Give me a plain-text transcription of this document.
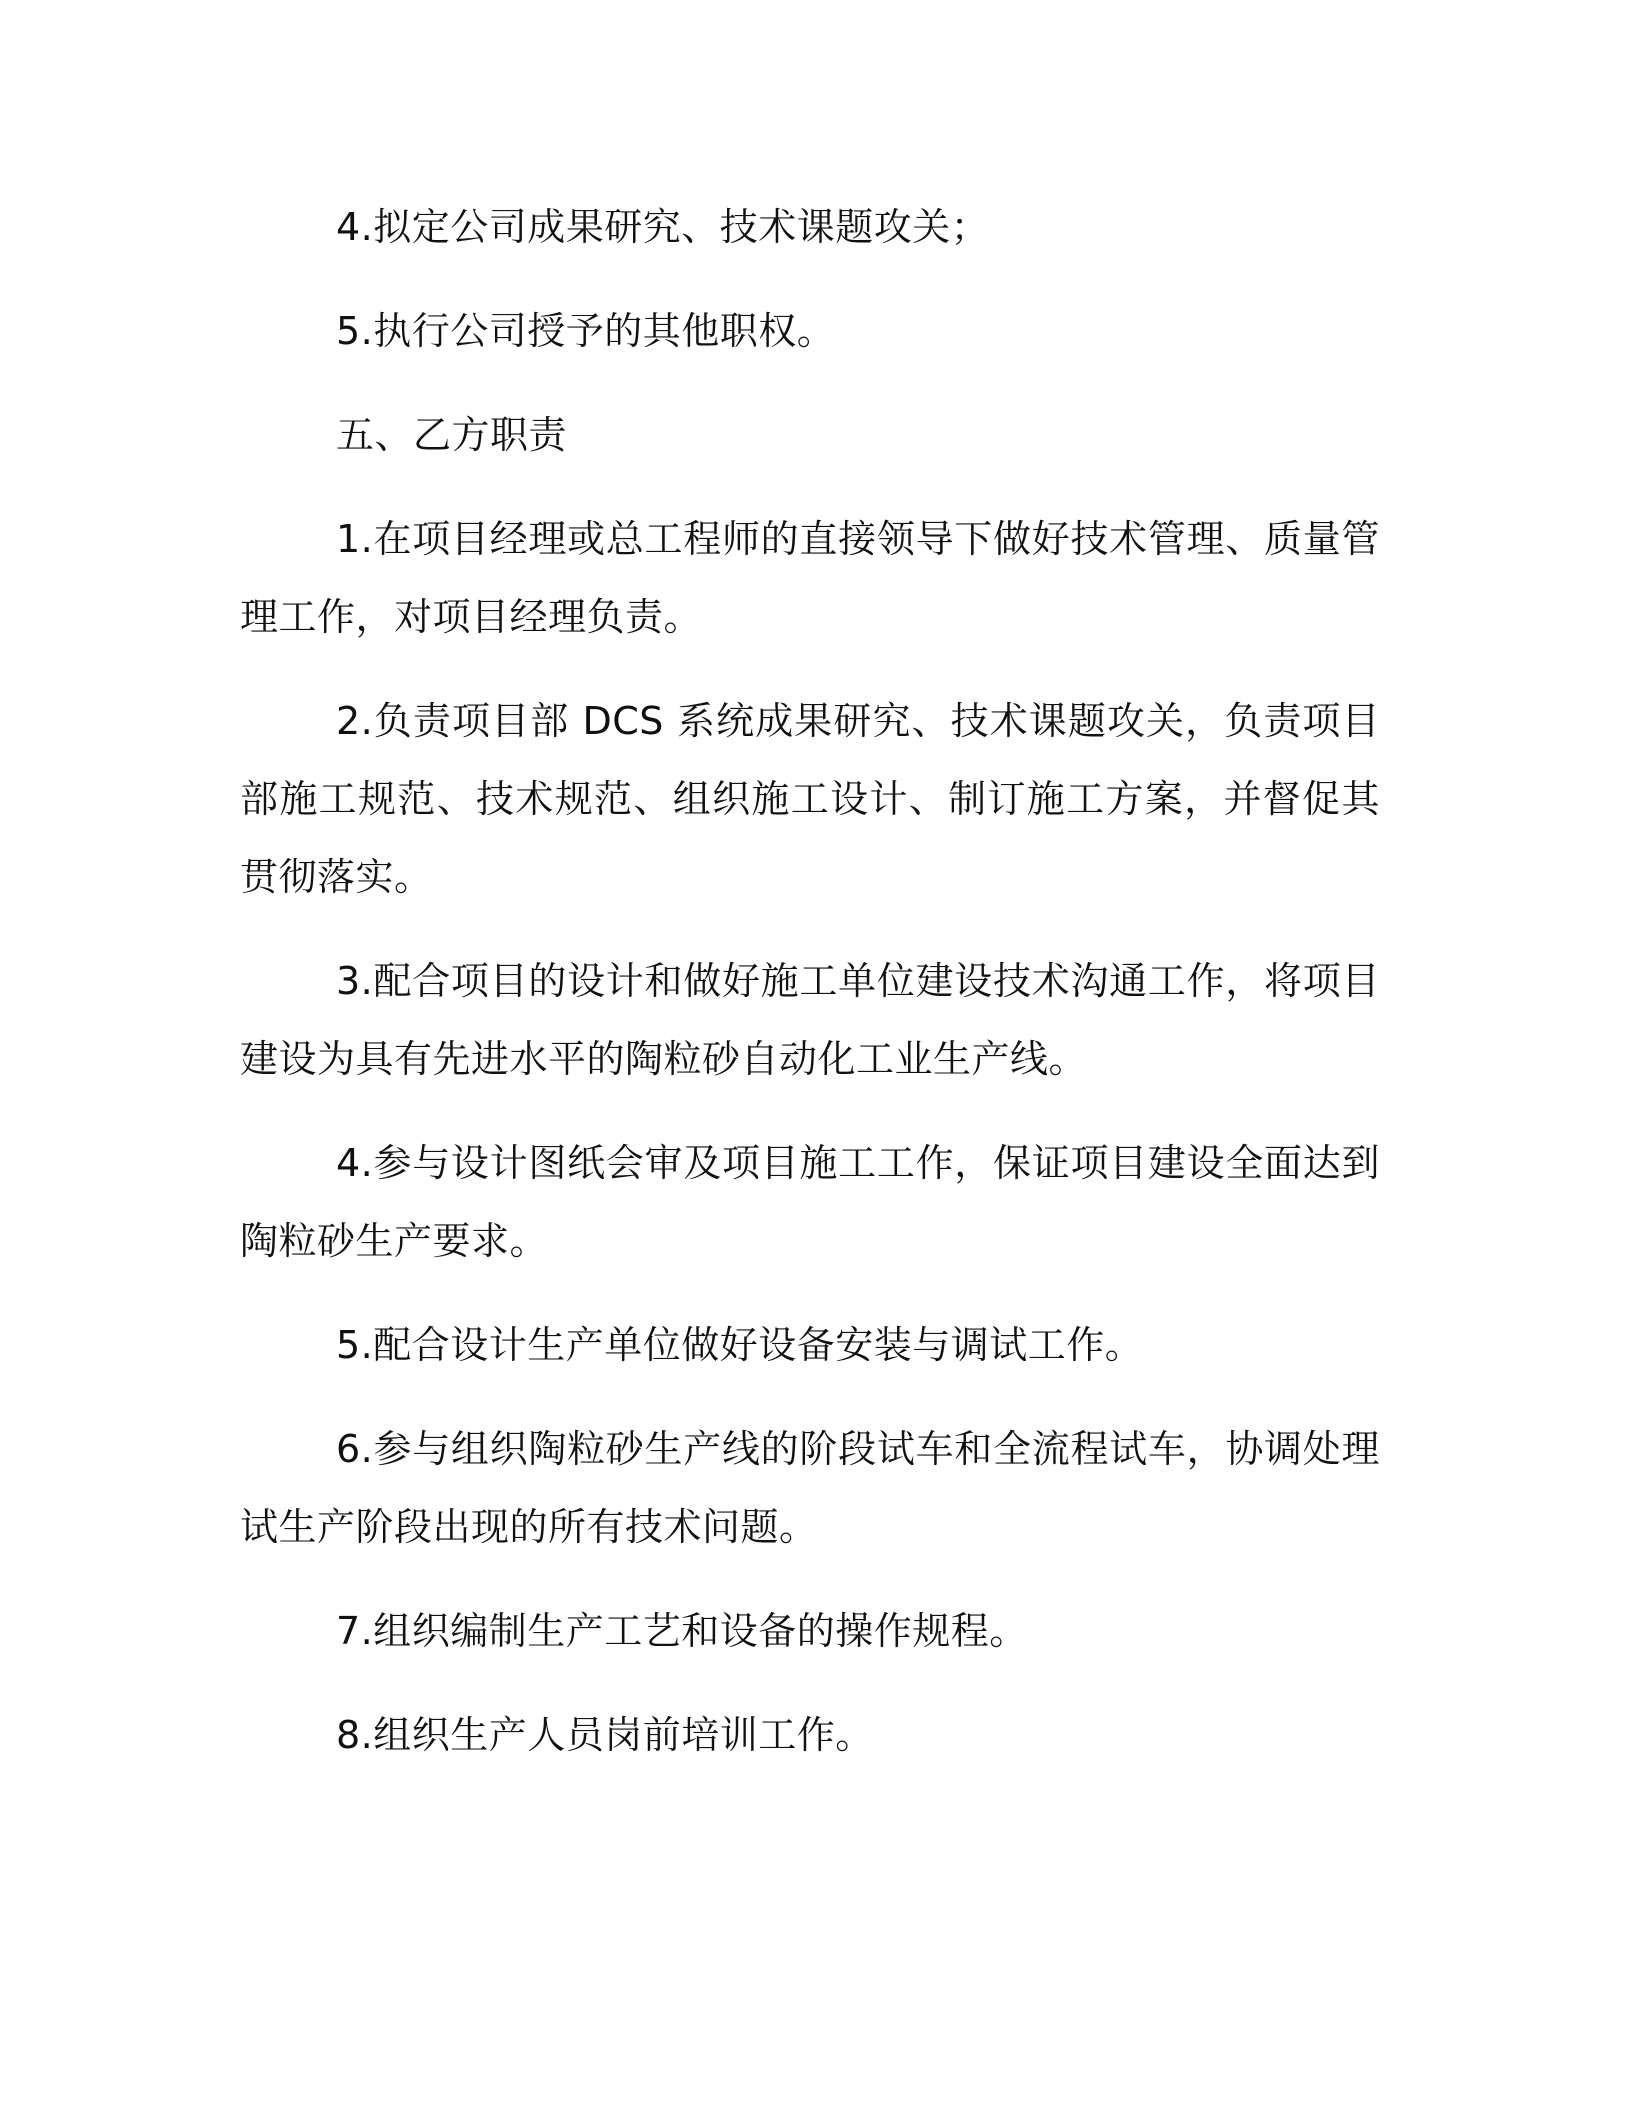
4.拟定公司成果研究、技术课题攻关；

5.执行公司授予的其他职权。

五、乙方职责

1.在项目经理或总工程师的直接领导下做好技术管理、质量管理工作，对项目经理负责。

2.负责项目部 DCS 系统成果研究、技术课题攻关，负责项目部施工规范、技术规范、组织施工设计、制订施工方案，并督促其贯彻落实。

3.配合项目的设计和做好施工单位建设技术沟通工作，将项目建设为具有先进水平的陶粒砂自动化工业生产线。

4.参与设计图纸会审及项目施工工作，保证项目建设全面达到陶粒砂生产要求。

5.配合设计生产单位做好设备安装与调试工作。

6.参与组织陶粒砂生产线的阶段试车和全流程试车，协调处理试生产阶段出现的所有技术问题。

7.组织编制生产工艺和设备的操作规程。

8.组织生产人员岗前培训工作。
